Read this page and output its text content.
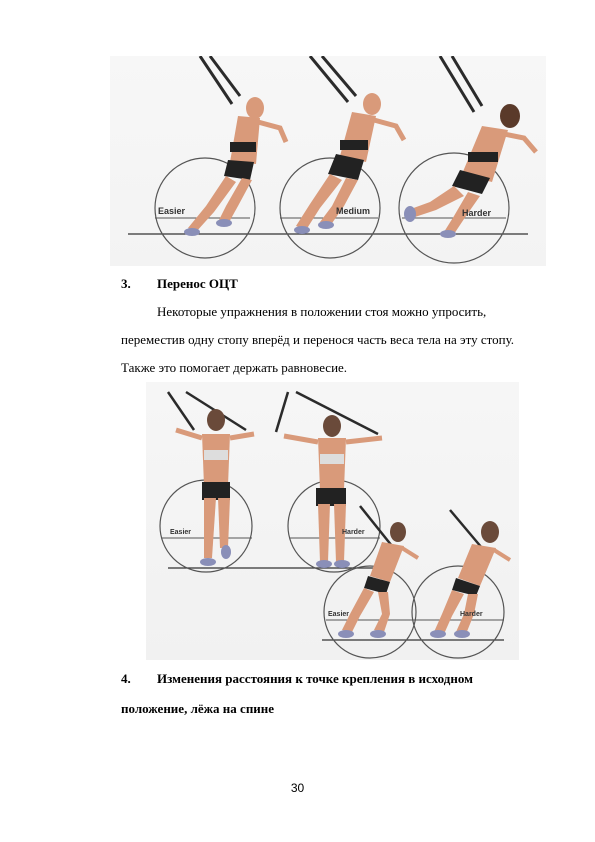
Easier	Medium	Harder
3. Перенос ОЦТ
Некоторые упражнения в положении стоя можно упросить,
переместив одну стопу вперёд и перенося часть веса тела на эту стопу.
Также это помогает держать равновесие.
Easier	Harder
Easier	Harder
4. Изменения расстояния к точке крепления в исходном
положение, лёжа на спине
30
